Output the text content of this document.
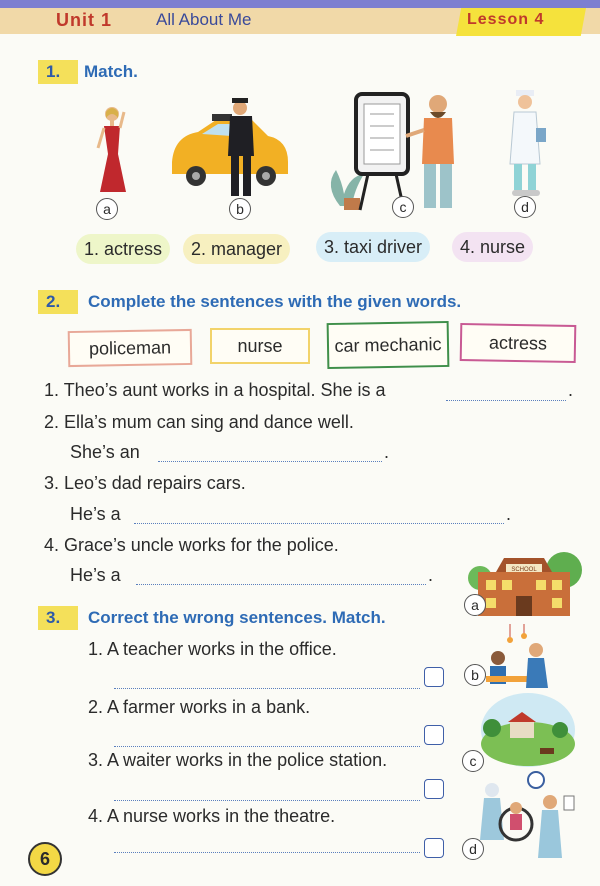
Unit 1	All About Me	Lesson 4
1.	Match.
a	b	c	d
1. actress	2. manager	3. taxi driver	4. nurse
2.	Complete the sentences with the given words.
policeman	nurse	car mechanic	actress
1. Theo’s aunt works in a hospital. She is a	.
2. Ella’s mum can sing and dance well.
She’s an	.
3. Leo’s dad repairs cars.
He’s a	.
4. Grace’s uncle works for the police.
He’s a	.
3.	Correct the wrong sentences. Match.
1. A teacher works in the office.
2. A farmer works in a bank.
3. A waiter works in the police station.
4. A nurse works in the theatre.
SCHOOL
a
b
c
d
6
